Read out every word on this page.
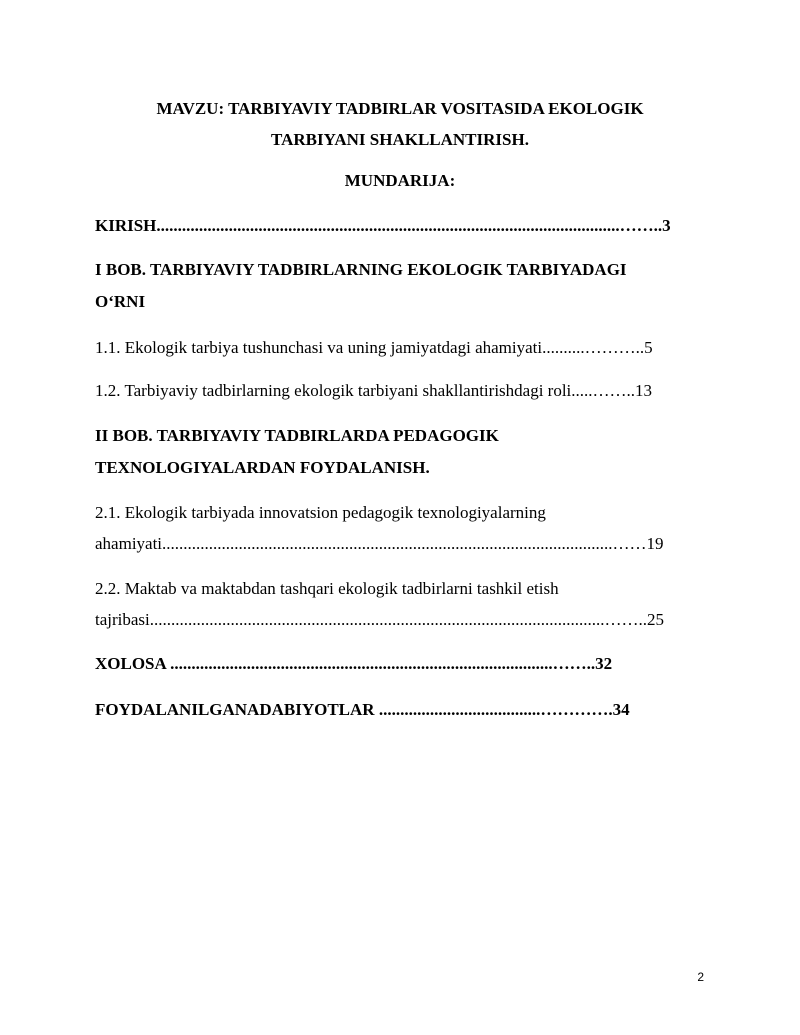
MAVZU: TARBIYAVIY TADBIRLAR VOSITASIDA EKOLOGIK
TARBIYANI SHAKLLANTIRISH.
MUNDARIJA:
KIRISH.............................................................................................................……..3
I BOB. TARBIYAVIY TADBIRLARNING EKOLOGIK TARBIYADAGI
O‘RNI
1.1. Ekologik tarbiya tushunchasi va uning jamiyatdagi ahamiyati..........………..5
1.2. Tarbiyaviy tadbirlarning ekologik tarbiyani shakllantirishdagi roli.....……..13
II BOB. TARBIYAVIY TADBIRLARDA PEDAGOGIK
TEXNOLOGIYALARDAN FOYDALANISH.
2.1. Ekologik tarbiyada innovatsion pedagogik texnologiyalarning
ahamiyati..........................................................................................................……19
2.2. Maktab va maktabdan tashqari ekologik tadbirlarni tashkil etish
tajribasi...........................................................................................................……..25
XOLOSA ..........................................................................................……..32
FOYDALANILGANADABIYOTLAR ......................................………….34
2
